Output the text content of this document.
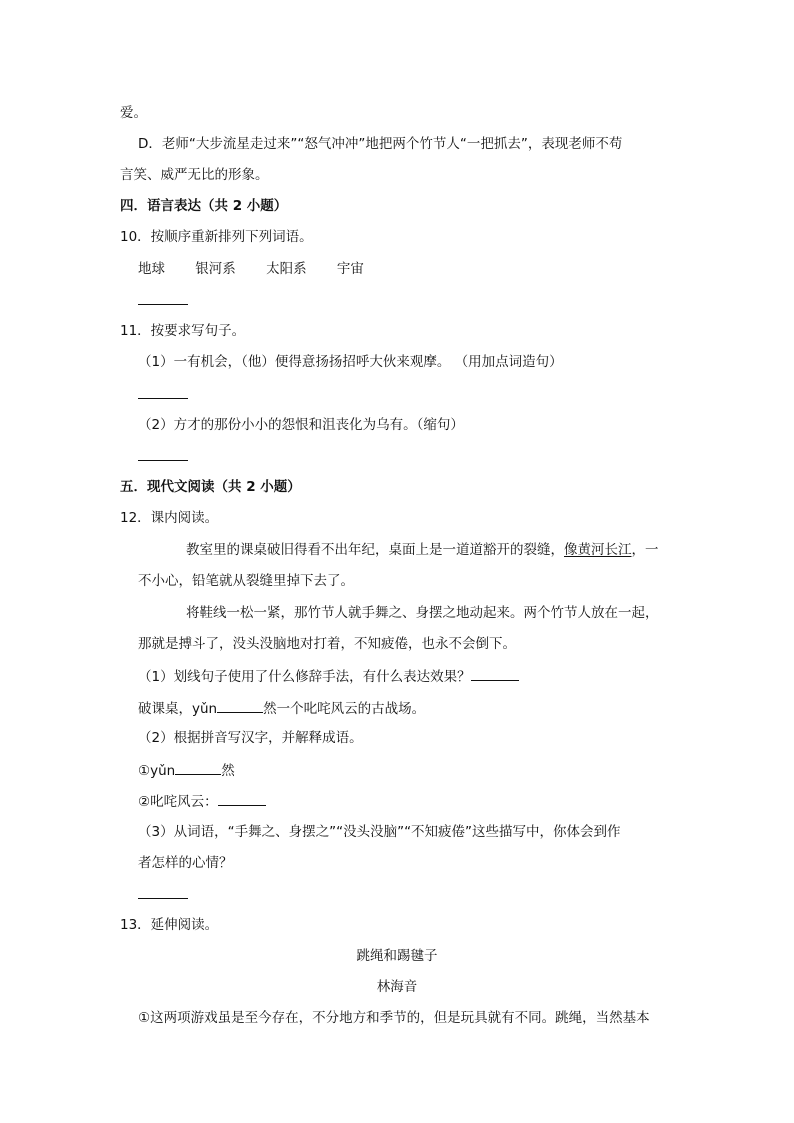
爱。
D．老师“大步流星走过来”“怒气冲冲”地把两个竹节人“一把抓去”，表现老师不苟
言笑、威严无比的形象。
四．语言表达（共 2 小题）
10．按顺序重新排列下列词语。
地球 银河系 太阳系 宇宙
11．按要求写句子。
（1）一有机会，（他）便得意扬扬招呼大伙来观摩。 （用加点词造句）
（2）方才的那份小小的怨恨和沮丧化为乌有。（缩句）
五．现代文阅读（共 2 小题）
12．课内阅读。
教室里的课桌破旧得看不出年纪，桌面上是一道道豁开的裂缝，像黄河长江，一
不小心，铅笔就从裂缝里掉下去了。
将鞋线一松一紧，那竹节人就手舞之、身摆之地动起来。两个竹节人放在一起，
那就是搏斗了，没头没脑地对打着，不知疲倦，也永不会倒下。
（1）划线句子使用了什么修辞手法，有什么表达效果？
破课桌，yǔn	然一个叱咤风云的古战场。
（2）根据拼音写汉字，并解释成语。
①yǔn	然
②叱咤风云：
（3）从词语，“手舞之、身摆之”“没头没脑”“不知疲倦”这些描写中，你体会到作
者怎样的心情？
13．延伸阅读。
跳绳和踢毽子
林海音
①这两项游戏虽是至今存在，不分地方和季节的，但是玩具就有不同。跳绳，当然基本
